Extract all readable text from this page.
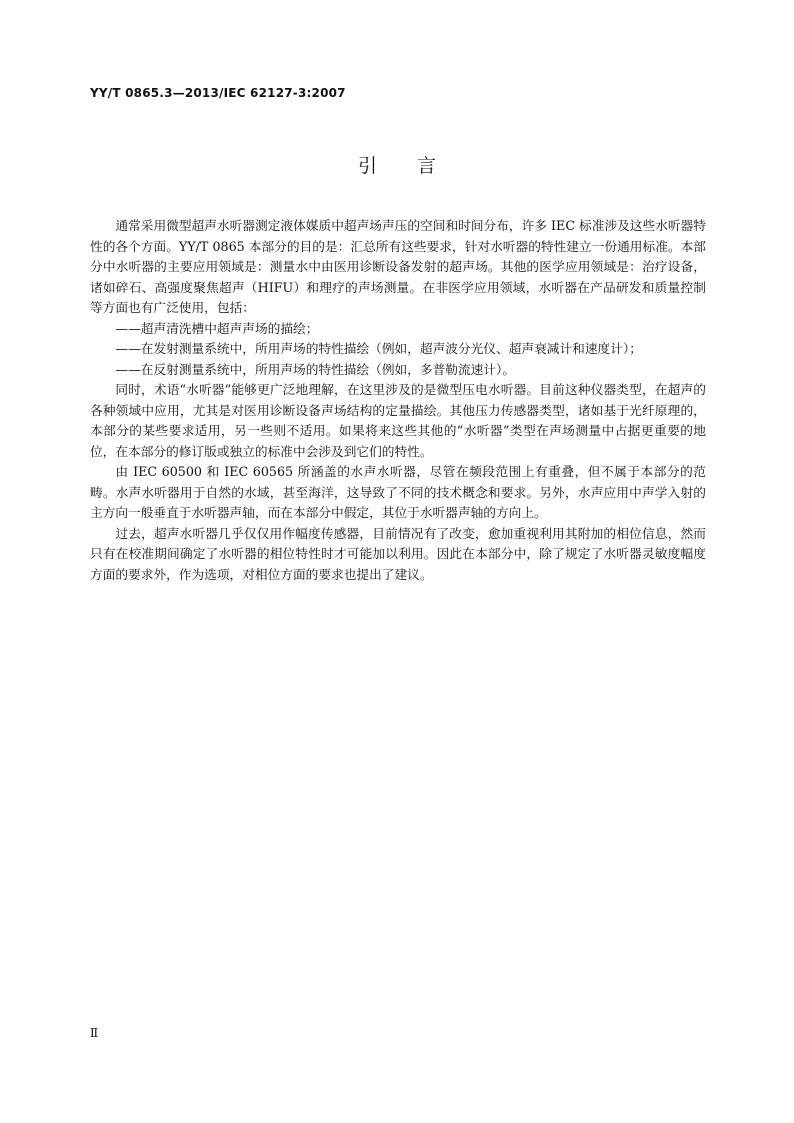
YY/T 0865.3—2013/IEC 62127-3:2007
引言

通常采用微型超声水听器测定液体媒质中超声场声压的空间和时间分布，许多 IEC 标准涉及这些水听器特性的各个方面。YY/T 0865 本部分的目的是：汇总所有这些要求，针对水听器的特性建立一份通用标准。本部分中水听器的主要应用领域是：测量水中由医用诊断设备发射的超声场。其他的医学应用领域是：治疗设备，诸如碎石、高强度聚焦超声（HIFU）和理疗的声场测量。在非医学应用领域，水听器在产品研发和质量控制等方面也有广泛使用，包括：

——超声清洗槽中超声声场的描绘；

——在发射测量系统中，所用声场的特性描绘（例如，超声波分光仪、超声衰减计和速度计）；

——在反射测量系统中，所用声场的特性描绘（例如，多普勒流速计）。

同时，术语“水听器”能够更广泛地理解，在这里涉及的是微型压电水听器。目前这种仪器类型，在超声的各种领域中应用，尤其是对医用诊断设备声场结构的定量描绘。其他压力传感器类型，诸如基于光纤原理的，本部分的某些要求适用，另一些则不适用。如果将来这些其他的“水听器”类型在声场测量中占据更重要的地位，在本部分的修订版或独立的标准中会涉及到它们的特性。

由 IEC 60500 和 IEC 60565 所涵盖的水声水听器，尽管在频段范围上有重叠，但不属于本部分的范畴。水声水听器用于自然的水域，甚至海洋，这导致了不同的技术概念和要求。另外，水声应用中声学入射的主方向一般垂直于水听器声轴，而在本部分中假定，其位于水听器声轴的方向上。

过去，超声水听器几乎仅仅用作幅度传感器，目前情况有了改变，愈加重视利用其附加的相位信息，然而只有在校准期间确定了水听器的相位特性时才可能加以利用。因此在本部分中，除了规定了水听器灵敏度幅度方面的要求外，作为选项，对相位方面的要求也提出了建议。

Ⅱ
